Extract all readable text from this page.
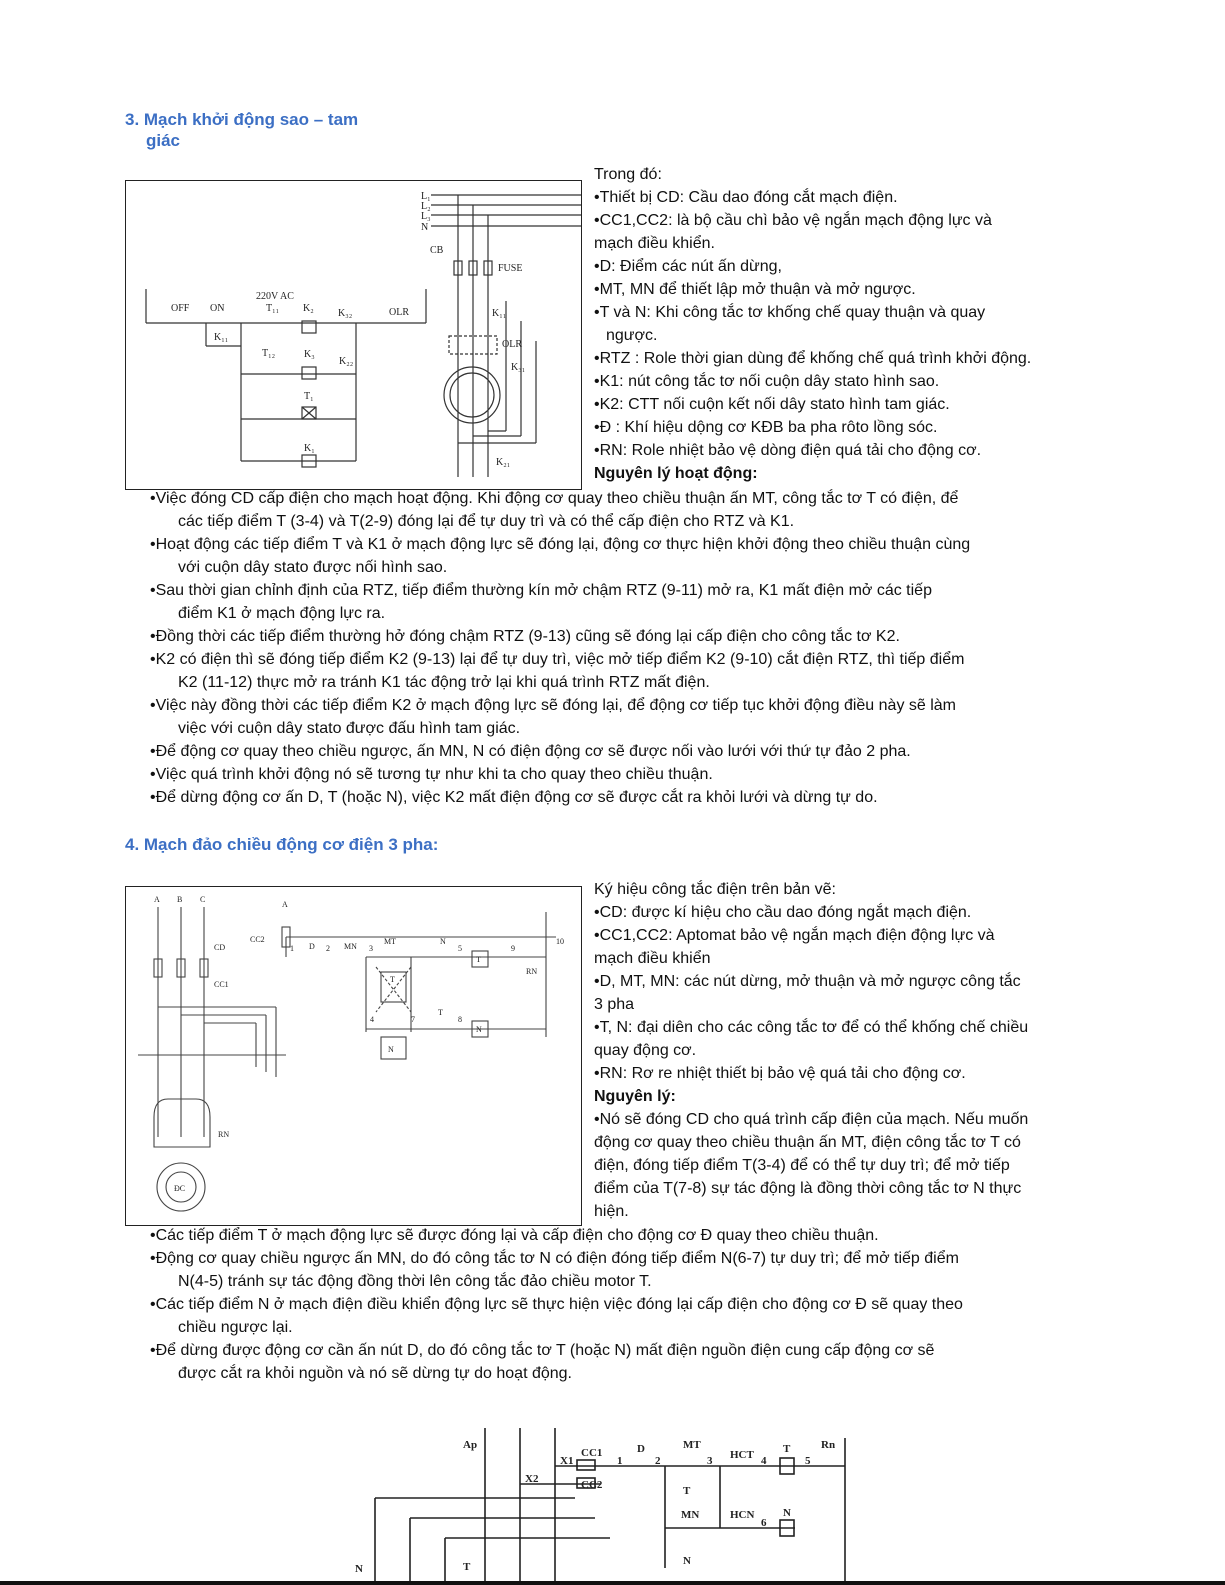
3. Mạch khởi động sao – tam
giác
L₁
L₂
L₃
N
CB
FUSE
OFF ON
220V AC
T₁₁ K₂ K₃₂	OLR
K₁₁
T₁₂	K₃
K₂₂
T₁
K₁
K₁₁
OLR
K₃₁
K₂₁
Trong đó:
•Thiết bị CD: Cầu dao đóng cắt mạch điện.
•CC1,CC2: là bộ cầu chì bảo vệ ngắn mạch động lực và
mạch điều khiển.
•D: Điểm các nút ấn dừng,
•MT, MN để thiết lập mở thuận và mở ngược.
•T và N: Khi công tắc tơ khống chế quay thuận và quay
ngược.
•RTZ : Role thời gian dùng để khống chế quá trình khởi động.
•K1: nút công tắc tơ nối cuộn dây stato hình sao.
•K2: CTT nối cuộn kết nối dây stato hình tam giác.
•Đ : Khí hiệu dộng cơ KĐB ba pha rôto lồng sóc.
•RN: Role nhiệt bảo vệ dòng điện quá tải cho động cơ.
Nguyên lý hoạt động:
•Việc đóng CD cấp điện cho mạch hoạt động. Khi động cơ quay theo chiều thuận ấn MT, công tắc tơ T có điện, để
các tiếp điểm T (3-4) và T(2-9) đóng lại để tự duy trì và có thể cấp điện cho RTZ và K1.
•Hoạt động các tiếp điểm T và K1 ở mạch động lực sẽ đóng lại, động cơ thực hiện khởi động theo chiều thuận cùng
với cuộn dây stato được nối hình sao.
•Sau thời gian chỉnh định của RTZ, tiếp điểm thường kín mở chậm RTZ (9-11) mở ra, K1 mất điện mở các tiếp
điểm K1 ở mạch động lực ra.
•Đồng thời các tiếp điểm thường hở đóng chậm RTZ (9-13) cũng sẽ đóng lại cấp điện cho công tắc tơ K2.
•K2 có điện thì sẽ đóng tiếp điểm K2 (9-13) lại để tự duy trì, việc mở tiếp điểm K2 (9-10) cắt điện RTZ, thì tiếp điểm
K2 (11-12) thực mở ra tránh K1 tác động trở lại khi quá trình RTZ mất điện.
•Việc này đồng thời các tiếp điểm K2 ở mạch động lực sẽ đóng lại, để động cơ tiếp tục khởi động điều này sẽ làm
việc với cuộn dây stato được đấu hình tam giác.
•Để động cơ quay theo chiều ngược, ấn MN, N có điện động cơ sẽ được nối vào lưới với thứ tự đảo 2 pha.
•Việc quá trình khởi động nó sẽ tương tự như khi ta cho quay theo chiều thuận.
•Để dừng động cơ ấn D, T (hoặc N), việc K2 mất điện động cơ sẽ được cắt ra khỏi lưới và dừng tự do.
4. Mạch đảo chiều động cơ điện 3 pha:
A B C
CD
CC1
CC2
A
D	MN
MT	N
T
RN
T
N
T
N
RN
ĐC
1	2	3	5	9
10
4	7	8
Ký hiệu công tắc điện trên bản vẽ:
•CD: được kí hiệu cho cầu dao đóng ngắt mạch điện.
•CC1,CC2: Aptomat bảo vệ ngắn mạch điện động lực và
mạch điều khiển
•D, MT, MN: các nút dừng, mở thuận và mở ngược công tắc
3 pha
•T, N: đại diên cho các công tắc tơ để có thể khống chế chiều
quay động cơ.
•RN: Rơ re nhiệt thiết bị bảo vệ quá tải cho động cơ.
Nguyên lý:
•Nó sẽ đóng CD cho quá trình cấp điện của mạch. Nếu muốn
động cơ quay theo chiều thuận ấn MT, điện công tắc tơ T có
điện, đóng tiếp điểm T(3-4) để có thể tự duy trì; để mở tiếp
điểm của T(7-8) sự tác động là đồng thời công tắc tơ N thực
hiện.
•Các tiếp điểm T ở mạch động lực sẽ được đóng lại và cấp điện cho động cơ Đ quay theo chiều thuận.
•Động cơ quay chiều ngược ấn MN, do đó công tắc tơ N có điện đóng tiếp điểm N(6-7) tự duy trì; để mở tiếp điểm
N(4-5) tránh sự tác động đồng thời lên công tắc đảo chiều motor T.
•Các tiếp điểm N ở mạch điện điều khiển động lực sẽ thực hiện việc đóng lại cấp điện cho động cơ Đ sẽ quay theo
chiều ngược lại.
•Để dừng được động cơ cần ấn nút D, do đó công tắc tơ T (hoặc N) mất điện nguồn điện cung cấp động cơ sẽ
được cắt ra khỏi nguồn và nó sẽ dừng tự do hoạt động.
Ap
X1
CC1
X2	CC2
D	MT
HCT	T	Rn
T
MN	HCN	N
N
N	T
1	2	3	4	5
6
